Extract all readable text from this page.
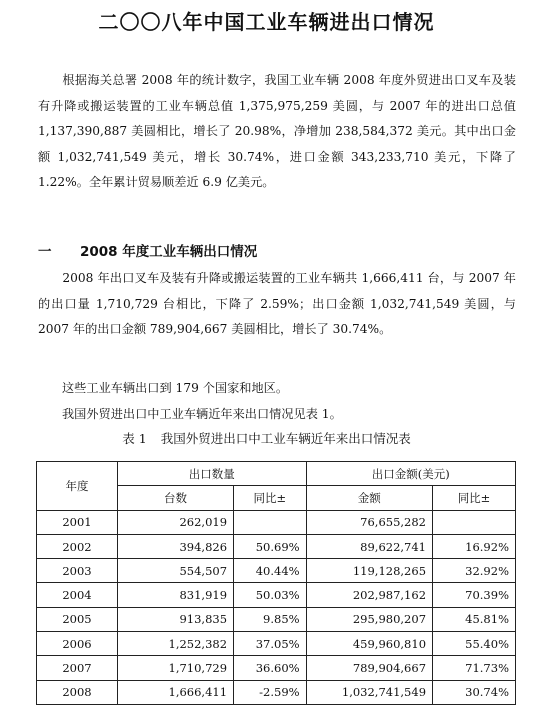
二〇〇八年中国工业车辆进出口情况
根据海关总署 2008 年的统计数字，我国工业车辆 2008 年度外贸进出口叉车及装有升降或搬运装置的工业车辆总值 1,375,975,259 美圆，与 2007 年的进出口总值 1,137,390,887 美圆相比，增长了 20.98%，净增加 238,584,372 美元。其中出口金额 1,032,741,549 美元，增长 30.74%，进口金额 343,233,710 美元，下降了 1.22%。全年累计贸易顺差近 6.9 亿美元。
一 2008 年度工业车辆出口情况
2008 年出口叉车及装有升降或搬运装置的工业车辆共 1,666,411 台，与 2007 年的出口量 1,710,729 台相比，下降了 2.59%；出口金额 1,032,741,549 美圆，与 2007 年的出口金额 789,904,667 美圆相比，增长了 30.74%。
这些工业车辆出口到 179 个国家和地区。
我国外贸进出口中工业车辆近年来出口情况见表 1。
表 1 我国外贸进出口中工业车辆近年来出口情况表
年度	出口数量		出口金额(美元)	
	台数	同比±	金额	同比±
2001	262,019		76,655,282	
2002	394,826	50.69%	89,622,741	16.92%
2003	554,507	40.44%	119,128,265	32.92%
2004	831,919	50.03%	202,987,162	70.39%
2005	913,835	9.85%	295,980,207	45.81%
2006	1,252,382	37.05%	459,960,810	55.40%
2007	1,710,729	36.60%	789,904,667	71.73%
2008	1,666,411	-2.59%	1,032,741,549	30.74%
